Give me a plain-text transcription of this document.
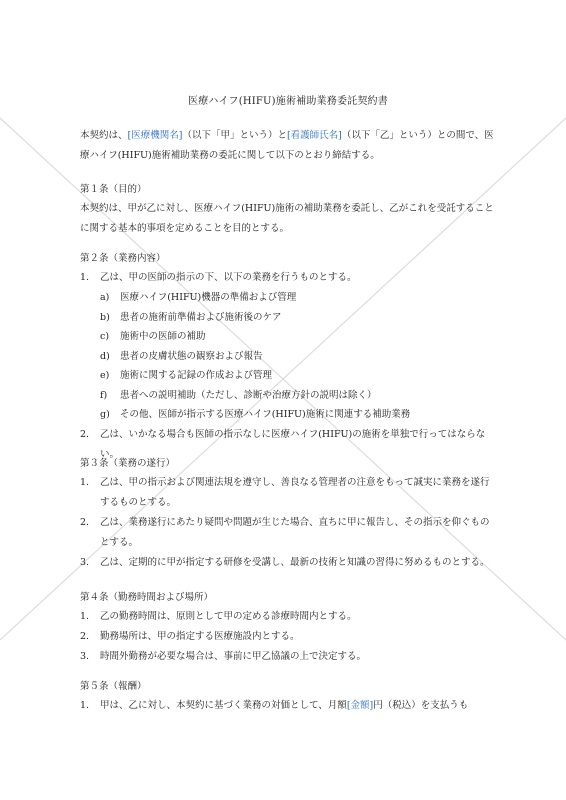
医療ハイフ(HIFU)施術補助業務委託契約書
本契約は、[医療機関名]（以下「甲」という）と[看護師氏名]（以下「乙」という）との間で、医療ハイフ(HIFU)施術補助業務の委託に関して以下のとおり締結する。
第１条（目的）
本契約は、甲が乙に対し、医療ハイフ(HIFU)施術の補助業務を委託し、乙がこれを受託することに関する基本的事項を定めることを目的とする。
第２条（業務内容）
1.	乙は、甲の医師の指示の下、以下の業務を行うものとする。
a)	医療ハイフ(HIFU)機器の準備および管理
b)	患者の施術前準備および施術後のケア
c)	施術中の医師の補助
d)	患者の皮膚状態の観察および報告
e)	施術に関する記録の作成および管理
f)	患者への説明補助（ただし、診断や治療方針の説明は除く）
g)	その他、医師が指示する医療ハイフ(HIFU)施術に関連する補助業務
2.	乙は、いかなる場合も医師の指示なしに医療ハイフ(HIFU)の施術を単独で行ってはならない。
第３条（業務の遂行）
1.	乙は、甲の指示および関連法規を遵守し、善良なる管理者の注意をもって誠実に業務を遂行するものとする。
2.	乙は、業務遂行にあたり疑問や問題が生じた場合、直ちに甲に報告し、その指示を仰ぐものとする。
3.	乙は、定期的に甲が指定する研修を受講し、最新の技術と知識の習得に努めるものとする。
第４条（勤務時間および場所）
1.	乙の勤務時間は、原則として甲の定める診療時間内とする。
2.	勤務場所は、甲の指定する医療施設内とする。
3.	時間外勤務が必要な場合は、事前に甲乙協議の上で決定する。
第５条（報酬）
1.	甲は、乙に対し、本契約に基づく業務の対価として、月額[金額]円（税込）を支払うも
